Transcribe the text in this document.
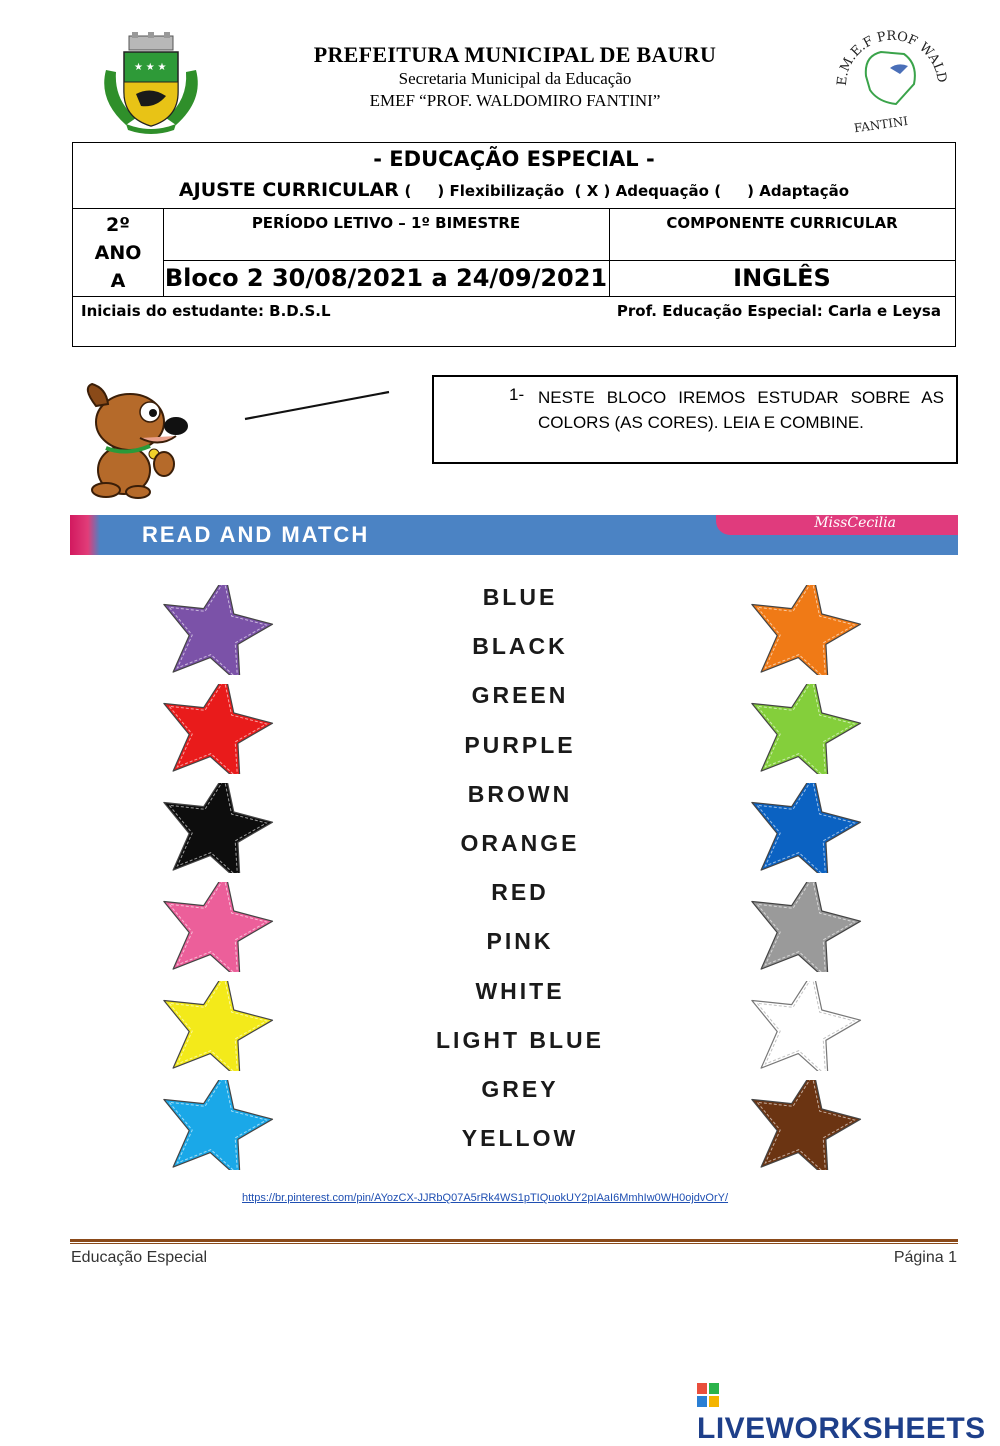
★ ★ ★
PREFEITURA MUNICIPAL DE BAURU
Secretaria Municipal da Educação
EMEF “PROF. WALDOMIRO FANTINI”
E.M.E.F PROF WALD
FANTINI
- EDUCAÇÃO ESPECIAL -
AJUSTE CURRICULAR (     ) Flexibilização  ( X ) Adequação (     ) Adaptação
2º
ANO
A
PERÍODO LETIVO – 1º BIMESTRE	COMPONENTE CURRICULAR
Bloco 2 30/08/2021 a 24/09/2021	INGLÊS
Iniciais do estudante: B.D.S.L	Prof. Educação Especial: Carla e Leysa
1- NESTE BLOCO IREMOS ESTUDAR SOBRE AS COLORS (AS CORES). LEIA E COMBINE.
MissCecilia
READ AND MATCH
BLUE
BLACK
GREEN
PURPLE
BROWN
ORANGE
RED
PINK
WHITE
LIGHT BLUE
GREY
YELLOW
https://br.pinterest.com/pin/AYozCX-JJRbQ07A5rRk4WS1pTIQuokUY2pIAaI6MmhIw0WH0ojdvOrY/
Educação Especial	Página 1
LIVEWORKSHEETS
